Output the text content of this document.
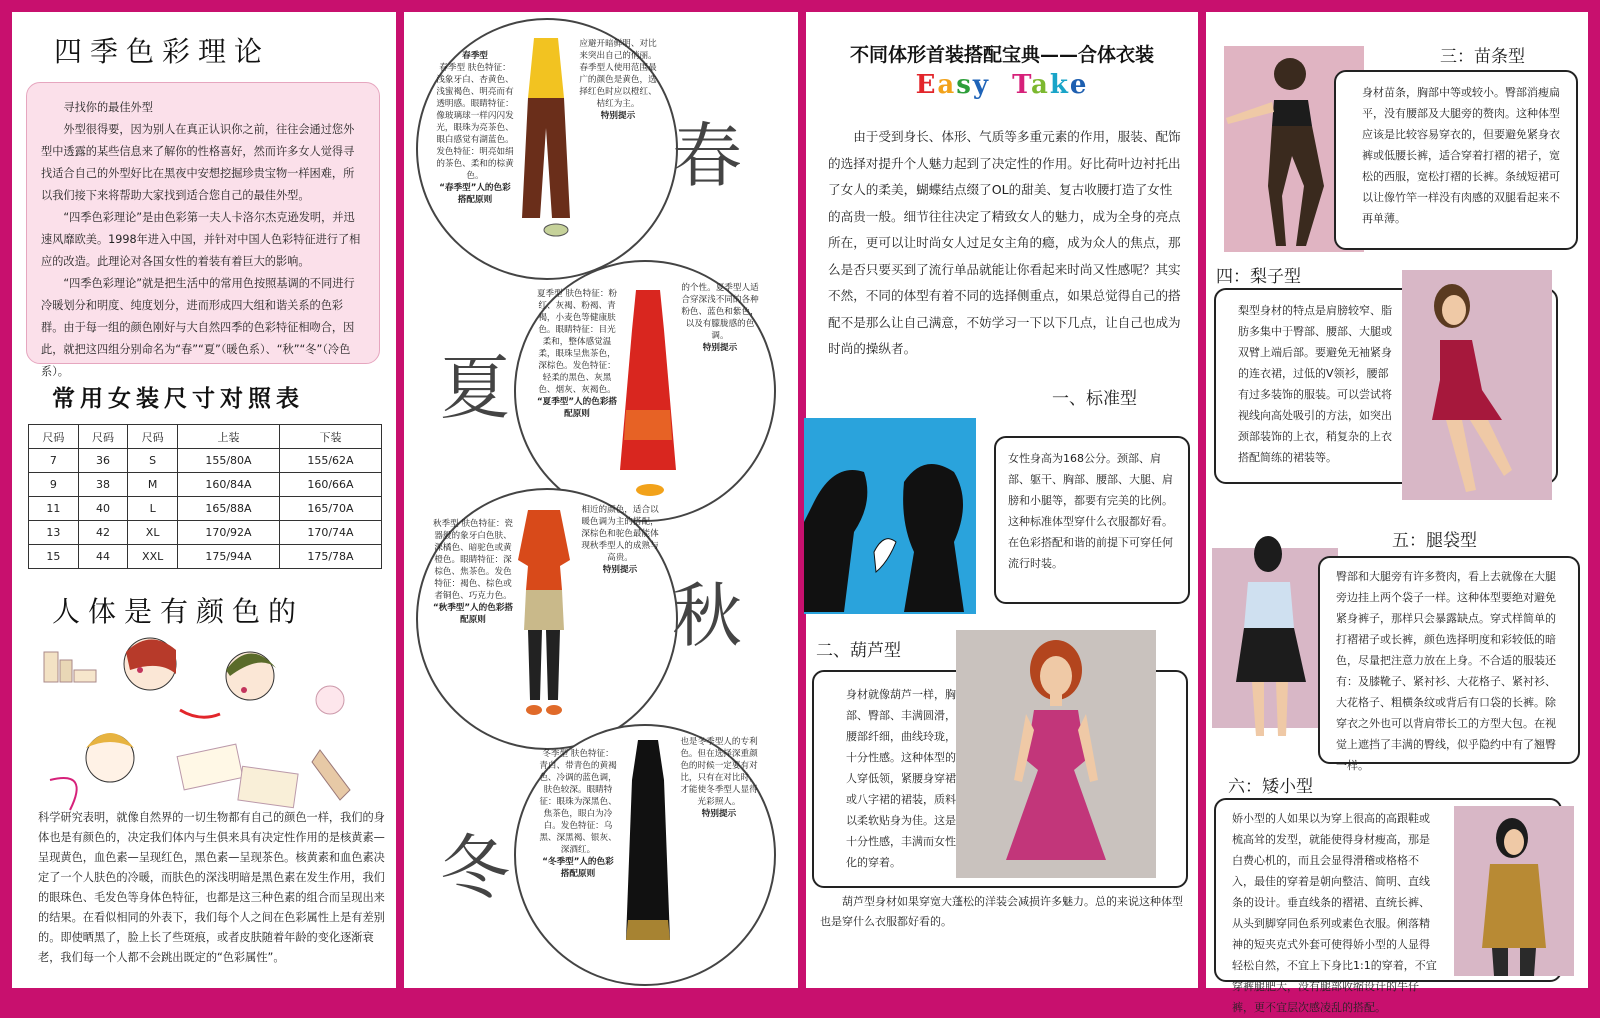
四季色彩理论

寻找你的最佳外型

外型很得要，因为别人在真正认识你之前，往往会通过您外型中透露的某些信息来了解你的性格喜好，然而许多女人觉得寻找适合自己的外型好比在黑夜中安想挖掘珍贵宝物一样困难，所以我们接下来将帮助大家找到适合您自己的最佳外型。

“四季色彩理论”是由色彩第一夫人卡洛尔杰克逊发明，并迅速风靡欧美。1998年进入中国，并针对中国人色彩特征进行了相应的改造。此理论对各国女性的着装有着巨大的影响。

“四季色彩理论”就是把生活中的常用色按照基调的不同进行冷暖划分和明度、纯度划分，进而形成四大组和谐关系的色彩群。由于每一组的颜色刚好与大自然四季的色彩特征相吻合，因此，就把这四组分别命名为“春”“夏”（暖色系）、“秋”“冬”（冷色系）。

常用女装尺寸对照表
尺码	尺码	尺码	上装	下装
7	36	S	155/80A	155/62A
9	38	M	160/84A	160/66A
11	40	L	165/88A	165/70A
13	42	XL	170/92A	170/74A
15	44	XXL	175/94A	175/78A
人体是有颜色的
科学研究表明，就像自然界的一切生物都有自己的颜色一样，我们的身体也是有颜色的，决定我们体内与生俱来具有决定性作用的是核黄素—呈现黄色，血色素—呈现红色，黑色素—呈现茶色。核黄素和血色素决定了一个人肤色的冷暖，而肤色的深浅明暗是黑色素在发生作用，我们的眼珠色、毛发色等身体色特征，也都是这三种色素的组合而呈现出来的结果。在看似相同的外表下，我们每个人之间在色彩属性上是有差别的。即使晒黑了，脸上长了些斑痕，或者皮肤随着年龄的变化逐渐衰老，我们每一个人都不会跳出既定的“色彩属性”。
春季型
春季型 肤色特征：浅象牙白、杏黄色、浅蜜褐色、明亮而有透明感。眼睛特征：像玻璃球一样闪闪发光，眼珠为亮茶色、眼白感觉有湖蓝色。发色特征：明亮如绢的茶色、柔和的棕黄色。
“春季型”人的色彩搭配原则
应避开暗鲜明、对比来突出自己的俏丽。春季型人使用范围最广的颜色是黄色，选择红色时应以橙红、桔红为主。
特别提示 春
夏
夏季型 肤色特征：粉红、灰褐、粉褐、青褐，小麦色等健康肤色。眼睛特征：目光柔和，整体感觉温柔，眼珠呈焦茶色，深棕色。发色特征：轻柔的黑色、灰黑色、烟灰、灰褐色。
“夏季型”人的色彩搭配原则
的个性。夏季型人适合穿深浅不同的各种粉色、蓝色和紫色，以及有朦胧感的色调。
特别提示
秋季型 肤色特征：瓷器般的象牙白色肤、深橘色、暗驼色或黄橙色。眼睛特征：深棕色、焦茶色。发色特征：褐色、棕色或者铜色、巧克力色。
“秋季型”人的色彩搭配原则
相近的颜色，适合以暖色调为主的搭配，深棕色和驼色最能体现秋季型人的成熟与高贵。
特别提示
秋
冬
冬季型 肤色特征：青白、带青色的黄褐色、冷调的蓝色调，肤色较深。眼睛特征：眼珠为深黑色、焦茶色，眼白为冷白。发色特征：乌黑、深黑褐、银灰、深酒红。
“冬季型”人的色彩搭配原则
也是冬季型人的专利色。但在选择深重颜色的时候一定要有对比，只有在对比时，才能使冬季型人显得光彩照人。
特别提示
不同体形首装搭配宝典——合体衣装
Easy Take
由于受到身长、体形、气质等多重元素的作用，服装、配饰的选择对提升个人魅力起到了决定性的作用。好比荷叶边衬托出了女人的柔美，蝴蝶结点缀了OL的甜美、复古收腰打造了女性的高贵一般。细节往往决定了精致女人的魅力，成为全身的亮点所在，更可以让时尚女人过足女主角的瘾，成为众人的焦点，那么是否只要买到了流行单品就能让你看起来时尚又性感呢？其实不然，不同的体型有着不同的选择侧重点，如果总觉得自己的搭配不是那么让自己满意，不妨学习一下以下几点，让自己也成为时尚的操纵者。
一、标准型
女性身高为168公分。颈部、肩部、躯干、胸部、腰部、大腿、肩膀和小腿等，都要有完美的比例。这种标准体型穿什么衣服都好看。在色彩搭配和谐的前提下可穿任何流行时装。
二、葫芦型
身材就像葫芦一样，胸部、臀部、丰满圆滑，腰部纤细，曲线玲珑，十分性感。这种体型的人穿低领，紧腰身穿裙或八字裙的裙装，质料以柔软贴身为佳。这是十分性感，丰满而女性化的穿着。
葫芦型身材如果穿宽大蓬松的洋装会减损许多魅力。总的来说这种体型也是穿什么衣服都好看的。
三：苗条型
身材苗条，胸部中等或较小。臀部消瘦扁平，没有腰部及大腿旁的赘肉。这种体型应该是比较容易穿衣的，但要避免紧身衣裤或低腰长裤，适合穿着打褶的裙子，宽松的西服，宽松打褶的长裤。条绒短裙可以让像竹竿一样没有肉感的双腿看起来不再单薄。
四：梨子型
梨型身材的特点是肩膀较窄、脂肪多集中于臀部、腰部、大腿或双臂上端后部。要避免无袖紧身的连衣裙，过低的V领衫，腰部有过多装饰的服装。可以尝试将视线向高处吸引的方法，如突出颈部装饰的上衣，稍复杂的上衣搭配简练的裙装等。
五：腿袋型
臀部和大腿旁有许多赘肉，看上去就像在大腿旁边挂上两个袋子一样。这种体型要绝对避免紧身裤子，那样只会暴露缺点。穿式样简单的打褶裙子或长裤，颜色选择明度和彩较低的暗色，尽量把注意力放在上身。不合适的服装还有：及膝靴子、紧衬衫、大花格子、紧衬衫、大花格子、粗横条纹或背后有口袋的长裤。除穿衣之外也可以背肩带长工的方型大包。在视觉上遮挡了丰满的臀线，似乎隐约中有了翘臀一样。
六：矮小型
娇小型的人如果以为穿上很高的高跟鞋或梳高耸的发型，就能使得身材瘦高，那是白费心机的，而且会显得滑稽或格格不入，最佳的穿着是朝向整洁、简明、直线条的设计。垂直线条的褶裙、直统长裤、从头到脚穿同色系列或素色衣服。俐落精神的短夹克式外套可使得娇小型的人显得轻松自然，不宜上下身比1:1的穿着，不宜穿裤腿肥大，没有腿部收缩设计的牛仔裤，更不宜层次感凌乱的搭配。
